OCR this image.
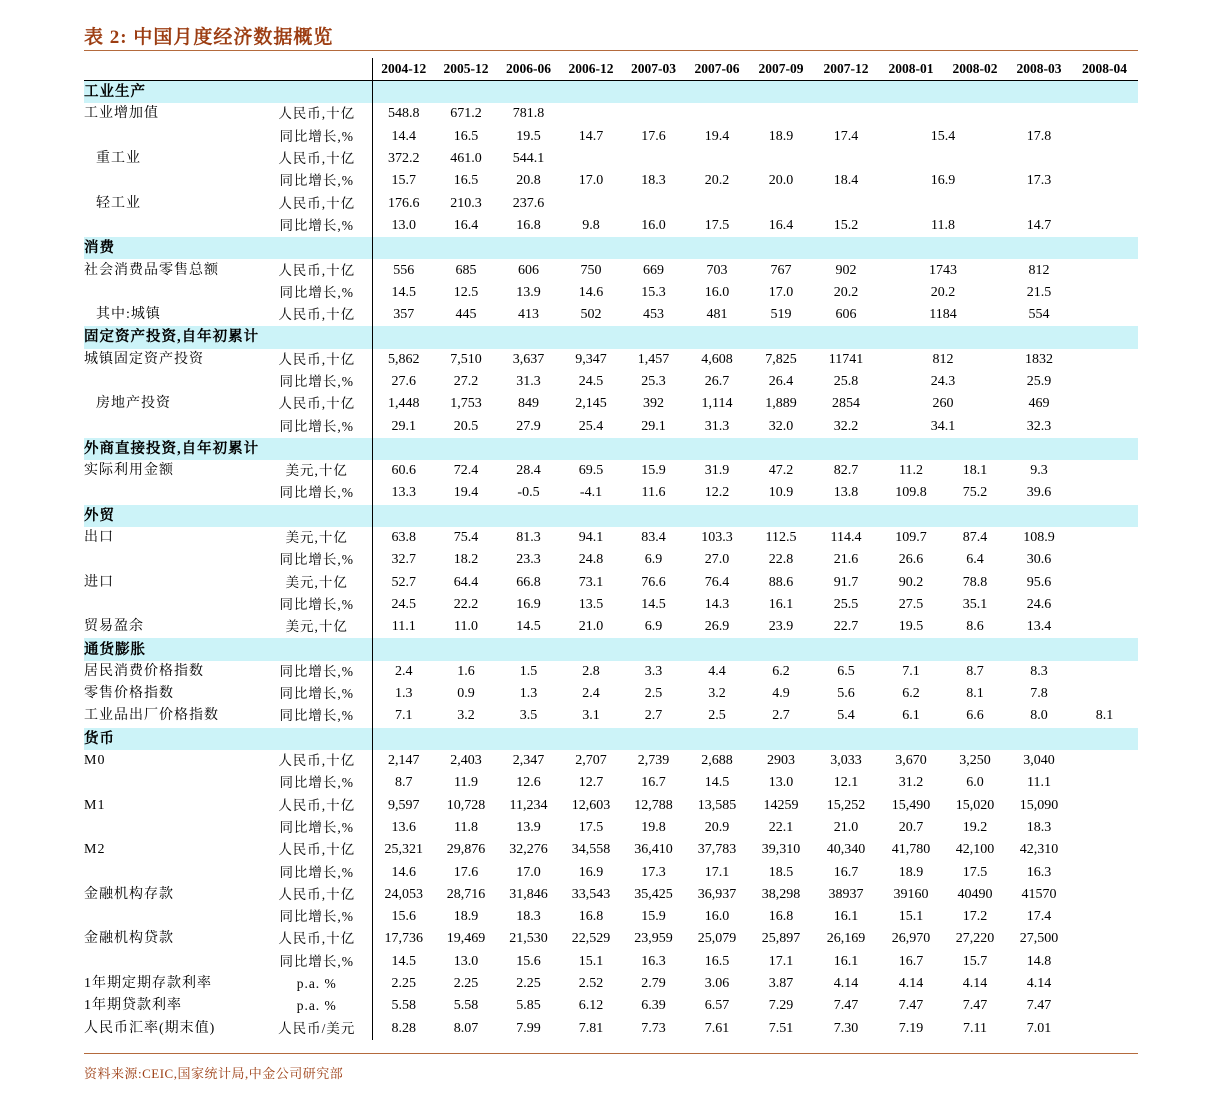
表 2: 中国月度经济数据概览
		2004-12	2005-12	2006-06	2006-12	2007-03	2007-06	2007-09	2007-12	2008-01	2008-02	2008-03	2008-04
工业生产													
工业增加值	人民币,十亿	548.8	671.2	781.8									
	同比增长,%	14.4	16.5	19.5	14.7	17.6	19.4	18.9	17.4	15.4		17.8	
重工业	人民币,十亿	372.2	461.0	544.1									
	同比增长,%	15.7	16.5	20.8	17.0	18.3	20.2	20.0	18.4	16.9		17.3	
轻工业	人民币,十亿	176.6	210.3	237.6									
	同比增长,%	13.0	16.4	16.8	9.8	16.0	17.5	16.4	15.2	11.8		14.7	
消费													
社会消费品零售总额	人民币,十亿	556	685	606	750	669	703	767	902	1743		812	
	同比增长,%	14.5	12.5	13.9	14.6	15.3	16.0	17.0	20.2	20.2		21.5	
其中:城镇	人民币,十亿	357	445	413	502	453	481	519	606	1184		554	
固定资产投资,自年初累计													
城镇固定资产投资	人民币,十亿	5,862	7,510	3,637	9,347	1,457	4,608	7,825	11741	812		1832	
	同比增长,%	27.6	27.2	31.3	24.5	25.3	26.7	26.4	25.8	24.3		25.9	
房地产投资	人民币,十亿	1,448	1,753	849	2,145	392	1,114	1,889	2854	260		469	
	同比增长,%	29.1	20.5	27.9	25.4	29.1	31.3	32.0	32.2	34.1		32.3	
外商直接投资,自年初累计													
实际利用金额	美元,十亿	60.6	72.4	28.4	69.5	15.9	31.9	47.2	82.7	11.2	18.1	9.3	
	同比增长,%	13.3	19.4	-0.5	-4.1	11.6	12.2	10.9	13.8	109.8	75.2	39.6	
外贸													
出口	美元,十亿	63.8	75.4	81.3	94.1	83.4	103.3	112.5	114.4	109.7	87.4	108.9	
	同比增长,%	32.7	18.2	23.3	24.8	6.9	27.0	22.8	21.6	26.6	6.4	30.6	
进口	美元,十亿	52.7	64.4	66.8	73.1	76.6	76.4	88.6	91.7	90.2	78.8	95.6	
	同比增长,%	24.5	22.2	16.9	13.5	14.5	14.3	16.1	25.5	27.5	35.1	24.6	
贸易盈余	美元,十亿	11.1	11.0	14.5	21.0	6.9	26.9	23.9	22.7	19.5	8.6	13.4	
通货膨胀													
居民消费价格指数	同比增长,%	2.4	1.6	1.5	2.8	3.3	4.4	6.2	6.5	7.1	8.7	8.3	
零售价格指数	同比增长,%	1.3	0.9	1.3	2.4	2.5	3.2	4.9	5.6	6.2	8.1	7.8	
工业品出厂价格指数	同比增长,%	7.1	3.2	3.5	3.1	2.7	2.5	2.7	5.4	6.1	6.6	8.0	8.1
货币													
M0	人民币,十亿	2,147	2,403	2,347	2,707	2,739	2,688	2903	3,033	3,670	3,250	3,040	
	同比增长,%	8.7	11.9	12.6	12.7	16.7	14.5	13.0	12.1	31.2	6.0	11.1	
M1	人民币,十亿	9,597	10,728	11,234	12,603	12,788	13,585	14259	15,252	15,490	15,020	15,090	
	同比增长,%	13.6	11.8	13.9	17.5	19.8	20.9	22.1	21.0	20.7	19.2	18.3	
M2	人民币,十亿	25,321	29,876	32,276	34,558	36,410	37,783	39,310	40,340	41,780	42,100	42,310	
	同比增长,%	14.6	17.6	17.0	16.9	17.3	17.1	18.5	16.7	18.9	17.5	16.3	
金融机构存款	人民币,十亿	24,053	28,716	31,846	33,543	35,425	36,937	38,298	38937	39160	40490	41570	
	同比增长,%	15.6	18.9	18.3	16.8	15.9	16.0	16.8	16.1	15.1	17.2	17.4	
金融机构贷款	人民币,十亿	17,736	19,469	21,530	22,529	23,959	25,079	25,897	26,169	26,970	27,220	27,500	
	同比增长,%	14.5	13.0	15.6	15.1	16.3	16.5	17.1	16.1	16.7	15.7	14.8	
1年期定期存款利率	p.a. %	2.25	2.25	2.25	2.52	2.79	3.06	3.87	4.14	4.14	4.14	4.14	
1年期贷款利率	p.a. %	5.58	5.58	5.85	6.12	6.39	6.57	7.29	7.47	7.47	7.47	7.47	
人民币汇率(期末值)	人民币/美元	8.28	8.07	7.99	7.81	7.73	7.61	7.51	7.30	7.19	7.11	7.01	
资料来源:CEIC,国家统计局,中金公司研究部
